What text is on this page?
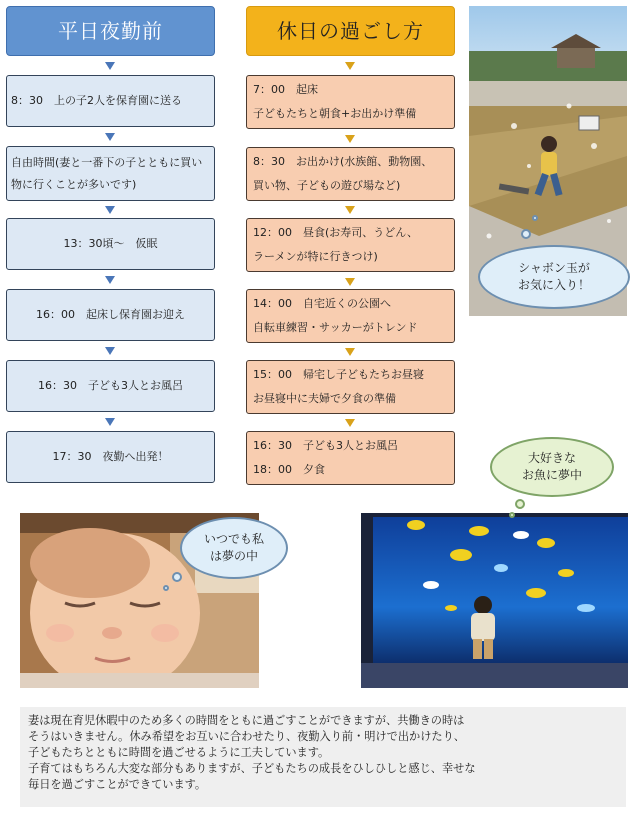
平日夜勤前	休日の過ごし方
8：30　上の子2人を保育園に送る
自由時間(妻と一番下の子とともに買い物に行くことが多いです)
13：30頃～　仮眠
16：00　起床し保育園お迎え
16：30　子ども3人とお風呂
17：30　夜勤へ出発！
7：00　起床
子どもたちと朝食+お出かけ準備
8：30　お出かけ(水族館、動物園、
買い物、子どもの遊び場など)
12：00　昼食(お寿司、うどん、
ラーメンが特に行きつけ)
14：00　自宅近くの公園へ
自転車練習・サッカーがトレンド
15：00　帰宅し子どもたちお昼寝
お昼寝中に夫婦で夕食の準備
16：30　子ども3人とお風呂
18：00　夕食
シャボン玉が
お気に入り！
いつでも私
は夢の中
大好きな
お魚に夢中
妻は現在育児休暇中のため多くの時間をともに過ごすことができますが、共働きの時は
そうはいきません。休み希望をお互いに合わせたり、夜勤入り前・明けで出かけたり、
子どもたちとともに時間を過ごせるように工夫しています。
子育てはもちろん大変な部分もありますが、子どもたちの成長をひしひしと感じ、幸せな
毎日を過ごすことができています。
